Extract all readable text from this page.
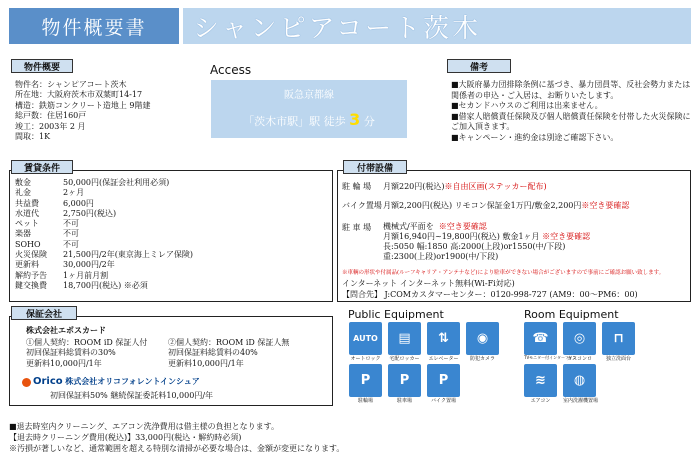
物件概要書	シャンピアコート茨木
物件概要
物件名：シャンピアコート茨木
所在地：大阪府茨木市双葉町14-17
構造：鉄筋コンクリート造地上 9階建
総戸数：住居160戸
竣工：2003年 2 月
間取：1K
Access
阪急京都線
「茨木市駅」駅 徒歩 3 分
備考
■大阪府暴力団排除条例に基づき、暴力団員等、反社会勢力または関係者の申込・ご入居は、お断りいたします。
■セカンドハウスのご利用は出来ません。
■借家人賠償責任保険及び個人賠償責任保険を付帯した火災保険にご加入頂きます。
■キャンペーン・進約金は別途ご確認下さい。
賃貸条件
敷金	50,000円(保証会社利用必須)
礼金	2ヶ月
共益費	6,000円
水道代	2,750円(税込)
ペット	不可
楽器	不可
SOHO	不可
火災保険	21,500円/2年(東京海上ミレア保険)
更新料	30,000円/2年
解約予告	1ヶ月前月割
鍵交換費	18,700円(税込) ※必須
付帯設備
駐 輪 場	月額220円(税込) ※自由区画(ステッカー配布)
バイク置場 月額2,200円(税込) リモコン保証金1万円/敷金2,200円 ※空き要確認
駐 車 場	機械式/平面を ※空き要確認
月額16,940円~19,800円(税込) 敷金1ヶ月 ※空き要確認
長:5050 幅:1850 高:2000(上段)or1550(中/下段)
重:2300(上段)or1900(中/下段)
※車輌の形状や付属品(ルーフキャリア・アンテナなど)により駐車ができない場合がございますので事前にご確認お願い致します。
インターネット インターネット無料(Wi-Fi対応)
【問合先】 J:COMカスタマーセンター：0120-998-727 (AM9：00～PM6：00)
保証会社
株式会社エポスカード
①個人契約：ROOM iD 保証人付
初回保証料総賃料の30%
更新料10,000円/1年
②個人契約：ROOM iD 保証人無
初回保証料総賃料の40%
更新料10,000円/1年
Orico 株式会社オリコフォレントインシュア
初回保証料50% 継続保証委託料10,000円/年
Public Equipment
AUTO
オートロック
▤
宅配ロッカー
⇅
エレベーター
◉
防犯カメラ
P
駐輪場
P
駐車場
P
バイク置場
Room Equipment
☎
TVモニター付インターフォン
◎
ガスコンロ
⊓
独立洗面台
≋
エアコン
◍
室内洗濯機置場
■退去時室内クリーニング、エアコン洗浄費用は借主様の負担となります。
【退去時クリーニング費用(税込)】33,000円(税込・解約時必須)
※汚損が著しいなど、通常範囲を超える特別な清掃が必要な場合は、金額が変更になります。
